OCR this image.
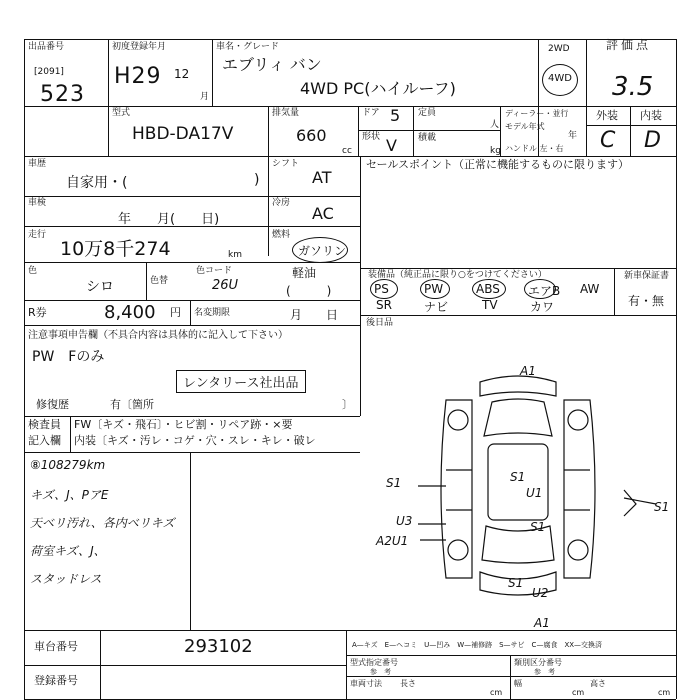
出品番号
[2091]
523
初度登録年月
H29 12
月
車名・グレード
エブリィ バン
4WD PC(ハイルーフ)
2WD
4WD
評価点
3.5
型式
HBD-DA17V
排気量
660
cc
ドア 5
形状 V
定員
人
積載
kg
ディーラー・並行
モデル年式
年
ハンドル 左・右
外装 内装
C D
車歴
自家用・(	)
車検
年　　月(　　日)
走行
10万8千274	km
色
シロ	色替
色コード
26U
R券	8,400 円 名変期限	月　　日
シフト
AT
冷房
AC
燃料
ガソリン
軽油
(　　　)
セールスポイント（正常に機能するものに限ります）
装備品（純正品に限り○をつけてください）
PS	PW	ABS エアB AW
SR	ナビ	TV	カワ
新車保証書
有・無
後日品
注意事項申告欄（不具合内容は具体的に記入して下さい）
PW　Fのみ
レンタリース社出品
修復歴	有〔箇所	〕
検査員
記入欄
FW〔キズ・飛石〕・ヒビ割・リペア跡・×要
内装〔キズ・汚レ・コゲ・穴・スレ・キレ・破レ
⑧108279km
キズ、J、PアE
天ベリ汚れ、各内ベリキズ
荷室キズ、J、
スタッドレス
A1
S1	S1
S1
U1
S1
U3
A2U1
S1
U2
A1
車台番号	293102
登録番号
A—キズ　E—ヘコミ　U—凹み　W—補修跡　S—サビ　C—腐食　XX—交換済
型式指定番号
参　考
類別区分番号
参　考
車両寸法 長さ
cm
幅
cm
高さ
cm
